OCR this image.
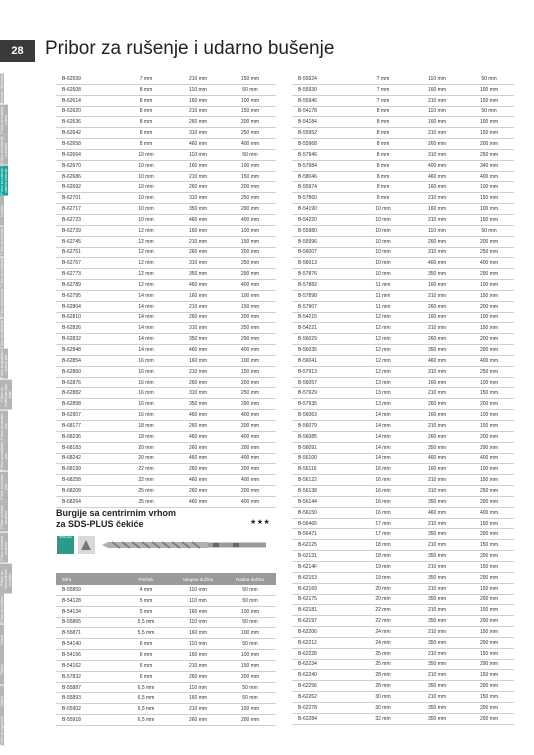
28	Pribor za rušenje i udarno bušenje
Borenje / štemanje
Pribor za bušenje u drvu
Pribor za bušenje u metalu
Pribor za rušenje i udarno bušenje
Krunice
Pribor za rezanje
Pribor za brušenje
Pribor za poliranje
Pribor za odvijanje
Pribor za glodalice i tračne pile
Pribor za multifunkcijske alate
Pribor za ubodne pile
Pribor za sabljaste pile
Pribor za kružne pile
Pribor za kutne brusilice
Pribor za tračne brusilice
Pribor za ekscentrične brusilice
Pribor za bušilice
Setovi
Razno
Odjeća
Pribor za sigurnost
B-62599	7 mm	210 mm	150 mm
B-62608	8 mm	110 mm	50 mm
B-62614	8 mm	160 mm	100 mm
B-62620	8 mm	210 mm	150 mm
B-62636	8 mm	260 mm	200 mm
B-62642	8 mm	310 mm	250 mm
B-62658	8 mm	460 mm	400 mm
B-62664	10 mm	110 mm	50 mm
B-62670	10 mm	160 mm	100 mm
B-62686	10 mm	210 mm	150 mm
B-62692	10 mm	260 mm	200 mm
B-62701	10 mm	310 mm	250 mm
B-62717	10 mm	350 mm	290 mm
B-62723	10 mm	460 mm	400 mm
B-62739	12 mm	160 mm	100 mm
B-62745	12 mm	210 mm	150 mm
B-62751	12 mm	260 mm	200 mm
B-62767	12 mm	310 mm	250 mm
B-62773	12 mm	350 mm	290 mm
B-62789	12 mm	460 mm	400 mm
B-62795	14 mm	160 mm	100 mm
B-62804	14 mm	210 mm	150 mm
B-62810	14 mm	260 mm	200 mm
B-62826	14 mm	310 mm	250 mm
B-62832	14 mm	350 mm	290 mm
B-62848	14 mm	460 mm	400 mm
B-62854	16 mm	160 mm	100 mm
B-62860	16 mm	210 mm	150 mm
B-62876	16 mm	260 mm	200 mm
B-62882	16 mm	310 mm	250 mm
B-62898	16 mm	350 mm	290 mm
B-62907	16 mm	460 mm	400 mm
B-68177	18 mm	260 mm	200 mm
B-68236	18 mm	460 mm	400 mm
B-68183	20 mm	260 mm	200 mm
B-68242	20 mm	460 mm	400 mm
B-68199	22 mm	260 mm	200 mm
B-68258	22 mm	460 mm	400 mm
B-68208	25 mm	260 mm	200 mm
B-68264	25 mm	460 mm	400 mm
B-55924	7 mm	110 mm	50 mm
B-55930	7 mm	160 mm	100 mm
B-55946	7 mm	210 mm	150 mm
B-54178	8 mm	110 mm	50 mm
B-54184	8 mm	160 mm	100 mm
B-55952	8 mm	210 mm	150 mm
B-55968	8 mm	260 mm	200 mm
B-57946	8 mm	310 mm	250 mm
B-57984	8 mm	400 mm	340 mm
B-58046	8 mm	460 mm	400 mm
B-55974	9 mm	160 mm	100 mm
B-57860	9 mm	210 mm	150 mm
B-54190	10 mm	160 mm	100 mm
B-54220	10 mm	210 mm	150 mm
B-55980	10 mm	110 mm	50 mm
B-55996	10 mm	260 mm	200 mm
B-56007	10 mm	310 mm	250 mm
B-56013	10 mm	460 mm	400 mm
B-57876	10 mm	350 mm	290 mm
B-57882	11 mm	160 mm	100 mm
B-57898	11 mm	210 mm	150 mm
B-57907	11 mm	260 mm	200 mm
B-54215	12 mm	160 mm	100 mm
B-54221	12 mm	210 mm	150 mm
B-56029	12 mm	260 mm	200 mm
B-56035	12 mm	350 mm	290 mm
B-56041	12 mm	460 mm	400 mm
B-57913	12 mm	310 mm	250 mm
B-56057	13 mm	160 mm	100 mm
B-57929	13 mm	210 mm	150 mm
B-57935	13 mm	260 mm	200 mm
B-56063	14 mm	160 mm	100 mm
B-56079	14 mm	210 mm	150 mm
B-56085	14 mm	260 mm	200 mm
B-56091	14 mm	350 mm	290 mm
B-56100	14 mm	460 mm	400 mm
B-56116	16 mm	160 mm	100 mm
B-56122	16 mm	210 mm	150 mm
B-56138	16 mm	310 mm	250 mm
B-56144	16 mm	350 mm	290 mm
B-56150	16 mm	460 mm	400 mm
B-56465	17 mm	210 mm	150 mm
B-56471	17 mm	350 mm	290 mm
B-62125	18 mm	210 mm	150 mm
B-62131	18 mm	350 mm	290 mm
B-6214F	19 mm	210 mm	150 mm
B-62153	19 mm	350 mm	290 mm
B-62169	20 mm	210 mm	150 mm
B-62175	20 mm	350 mm	290 mm
B-62181	22 mm	210 mm	150 mm
B-62197	22 mm	350 mm	290 mm
B-62206	24 mm	210 mm	150 mm
B-62212	24 mm	350 mm	290 mm
B-62228	25 mm	210 mm	150 mm
B-62234	25 mm	350 mm	290 mm
B-62240	28 mm	210 mm	150 mm
B-62256	28 mm	350 mm	290 mm
B-62262	30 mm	210 mm	150 mm
B-62278	30 mm	350 mm	290 mm
B-62284	32 mm	350 mm	290 mm
Burgije sa centrirnim vrhom
za SDS-PLUS čekiće	★★★
SDS plus
Šifra	Prečnik	Ukupna dužina	Radna dužina
B-55859	4 mm	110 mm	50 mm
B-54128	5 mm	110 mm	50 mm
B-54134	5 mm	160 mm	100 mm
B-55865	5,5 mm	110 mm	50 mm
B-55871	5,5 mm	160 mm	100 mm
B-54140	6 mm	110 mm	50 mm
B-54156	6 mm	160 mm	100 mm
B-54162	6 mm	210 mm	150 mm
B-57832	6 mm	260 mm	200 mm
B-55887	6,5 mm	110 mm	50 mm
B-55893	6,5 mm	160 mm	50 mm
B-55902	6,5 mm	210 mm	150 mm
B-55918	6,5 mm	260 mm	200 mm
